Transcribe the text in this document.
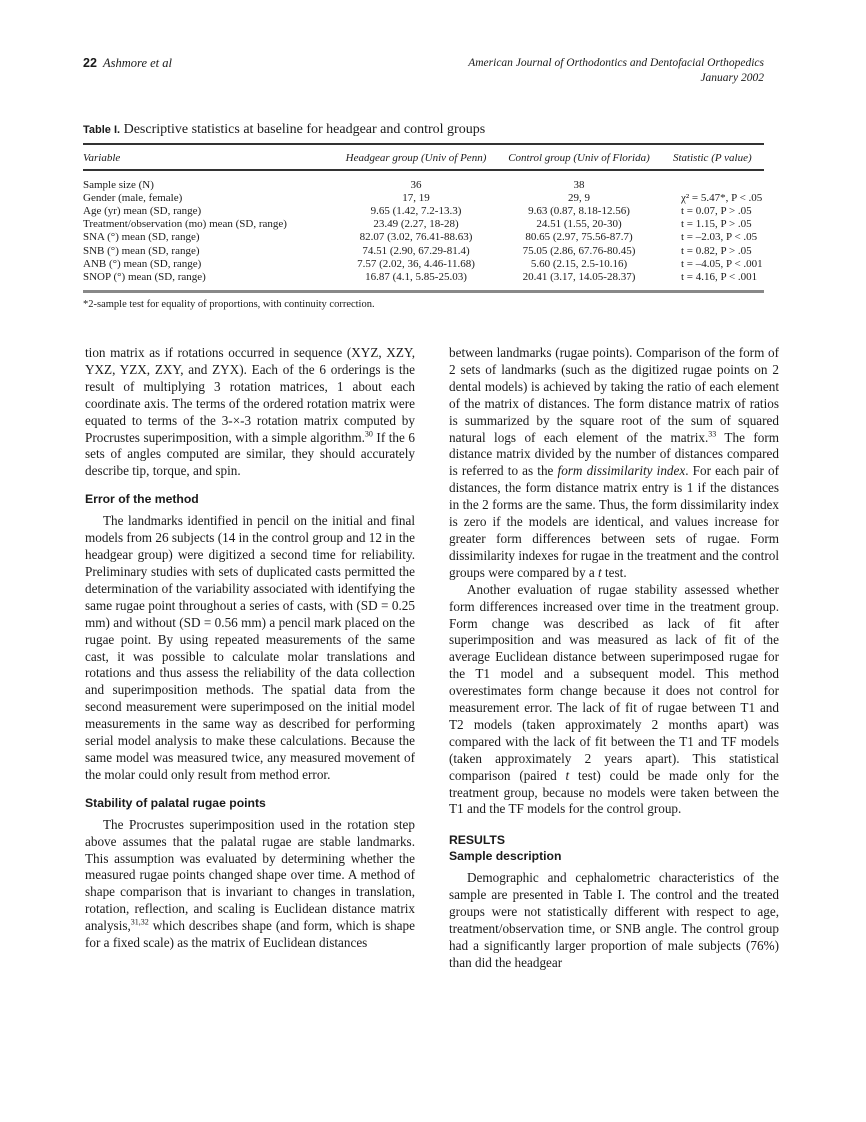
22 Ashmore et al	American Journal of Orthodontics and Dentofacial Orthopedics
January 2002
Table I. Descriptive statistics at baseline for headgear and control groups
Variable	Headgear group (Univ of Penn)	Control group (Univ of Florida)	Statistic (P value)

Sample size (N)	36	38	
Gender (male, female)	17, 19	29, 9	χ² = 5.47*, P < .05
Age (yr) mean (SD, range)	9.65 (1.42, 7.2-13.3)	9.63 (0.87, 8.18-12.56)	t = 0.07, P > .05
Treatment/observation (mo) mean (SD, range)	23.49 (2.27, 18-28)	24.51 (1.55, 20-30)	t = 1.15, P > .05
SNA (°) mean (SD, range)	82.07 (3.02, 76.41-88.63)	80.65 (2.97, 75.56-87.7)	t = –2.03, P < .05
SNB (°) mean (SD, range)	74.51 (2.90, 67.29-81.4)	75.05 (2.86, 67.76-80.45)	t = 0.82, P > .05
ANB (°) mean (SD, range)	7.57 (2.02, 36, 4.46-11.68)	5.60 (2.15, 2.5-10.16)	t = –4.05, P < .001
SNOP (°) mean (SD, range)	16.87 (4.1, 5.85-25.03)	20.41 (3.17, 14.05-28.37)	t = 4.16, P < .001
*2-sample test for equality of proportions, with continuity correction.

tion matrix as if rotations occurred in sequence (XYZ, XZY, YXZ, YZX, ZXY, and ZYX). Each of the 6 orderings is the result of multiplying 3 rotation matrices, 1 about each coordinate axis. The terms of the ordered rotation matrix were equated to terms of the 3-×-3 rotation matrix computed by Procrustes superimposition, with a simple algorithm.$^{30}$ If the 6 sets of angles computed are similar, they should accurately describe tip, torque, and spin.

Error of the method

The landmarks identified in pencil on the initial and final models from 26 subjects (14 in the control group and 12 in the headgear group) were digitized a second time for reliability. Preliminary studies with sets of duplicated casts permitted the determination of the variability associated with identifying the same rugae point throughout a series of casts, with (SD = 0.25 mm) and without (SD = 0.56 mm) a pencil mark placed on the rugae point. By using repeated measurements of the same cast, it was possible to calculate molar translations and rotations and thus assess the reliability of the data collection and superimposition methods. The spatial data from the second measurement were superimposed on the initial model measurements in the same way as described for performing serial model analysis to make these calculations. Because the same model was measured twice, any measured movement of the molar could only result from method error.

Stability of palatal rugae points

The Procrustes superimposition used in the rotation step above assumes that the palatal rugae are stable landmarks. This assumption was evaluated by determining whether the measured rugae points changed shape over time. A method of shape comparison that is invariant to changes in translation, rotation, reflection, and scaling is Euclidean distance matrix analysis,$^{31,32}$ which describes shape (and form, which is shape for a fixed scale) as the matrix of Euclidean distances

between landmarks (rugae points). Comparison of the form of 2 sets of landmarks (such as the digitized rugae points on 2 dental models) is achieved by taking the ratio of each element of the matrix of distances. The form distance matrix of ratios is summarized by the square root of the sum of squared natural logs of each element of the matrix.$^{33}$ The form distance matrix divided by the number of distances compared is referred to as the form dissimilarity index. For each pair of distances, the form distance matrix entry is 1 if the distances in the 2 forms are the same. Thus, the form dissimilarity index is zero if the models are identical, and values increase for greater form differences between sets of rugae. Form dissimilarity indexes for rugae in the treatment and the control groups were compared by a t test.

Another evaluation of rugae stability assessed whether form differences increased over time in the treatment group. Form change was described as lack of fit after superimposition and was measured as lack of fit of the average Euclidean distance between superimposed rugae for the T1 model and a subsequent model. This method overestimates form change because it does not control for measurement error. The lack of fit of rugae between T1 and T2 models (taken approximately 2 months apart) was compared with the lack of fit between the T1 and TF models (taken approximately 2 years apart). This statistical comparison (paired t test) could be made only for the treatment group, because no models were taken between the T1 and the TF models for the control group.

RESULTS
Sample description

Demographic and cephalometric characteristics of the sample are presented in Table I. The control and the treated groups were not statistically different with respect to age, treatment/observation time, or SNB angle. The control group had a significantly larger proportion of male subjects (76%) than did the headgear
